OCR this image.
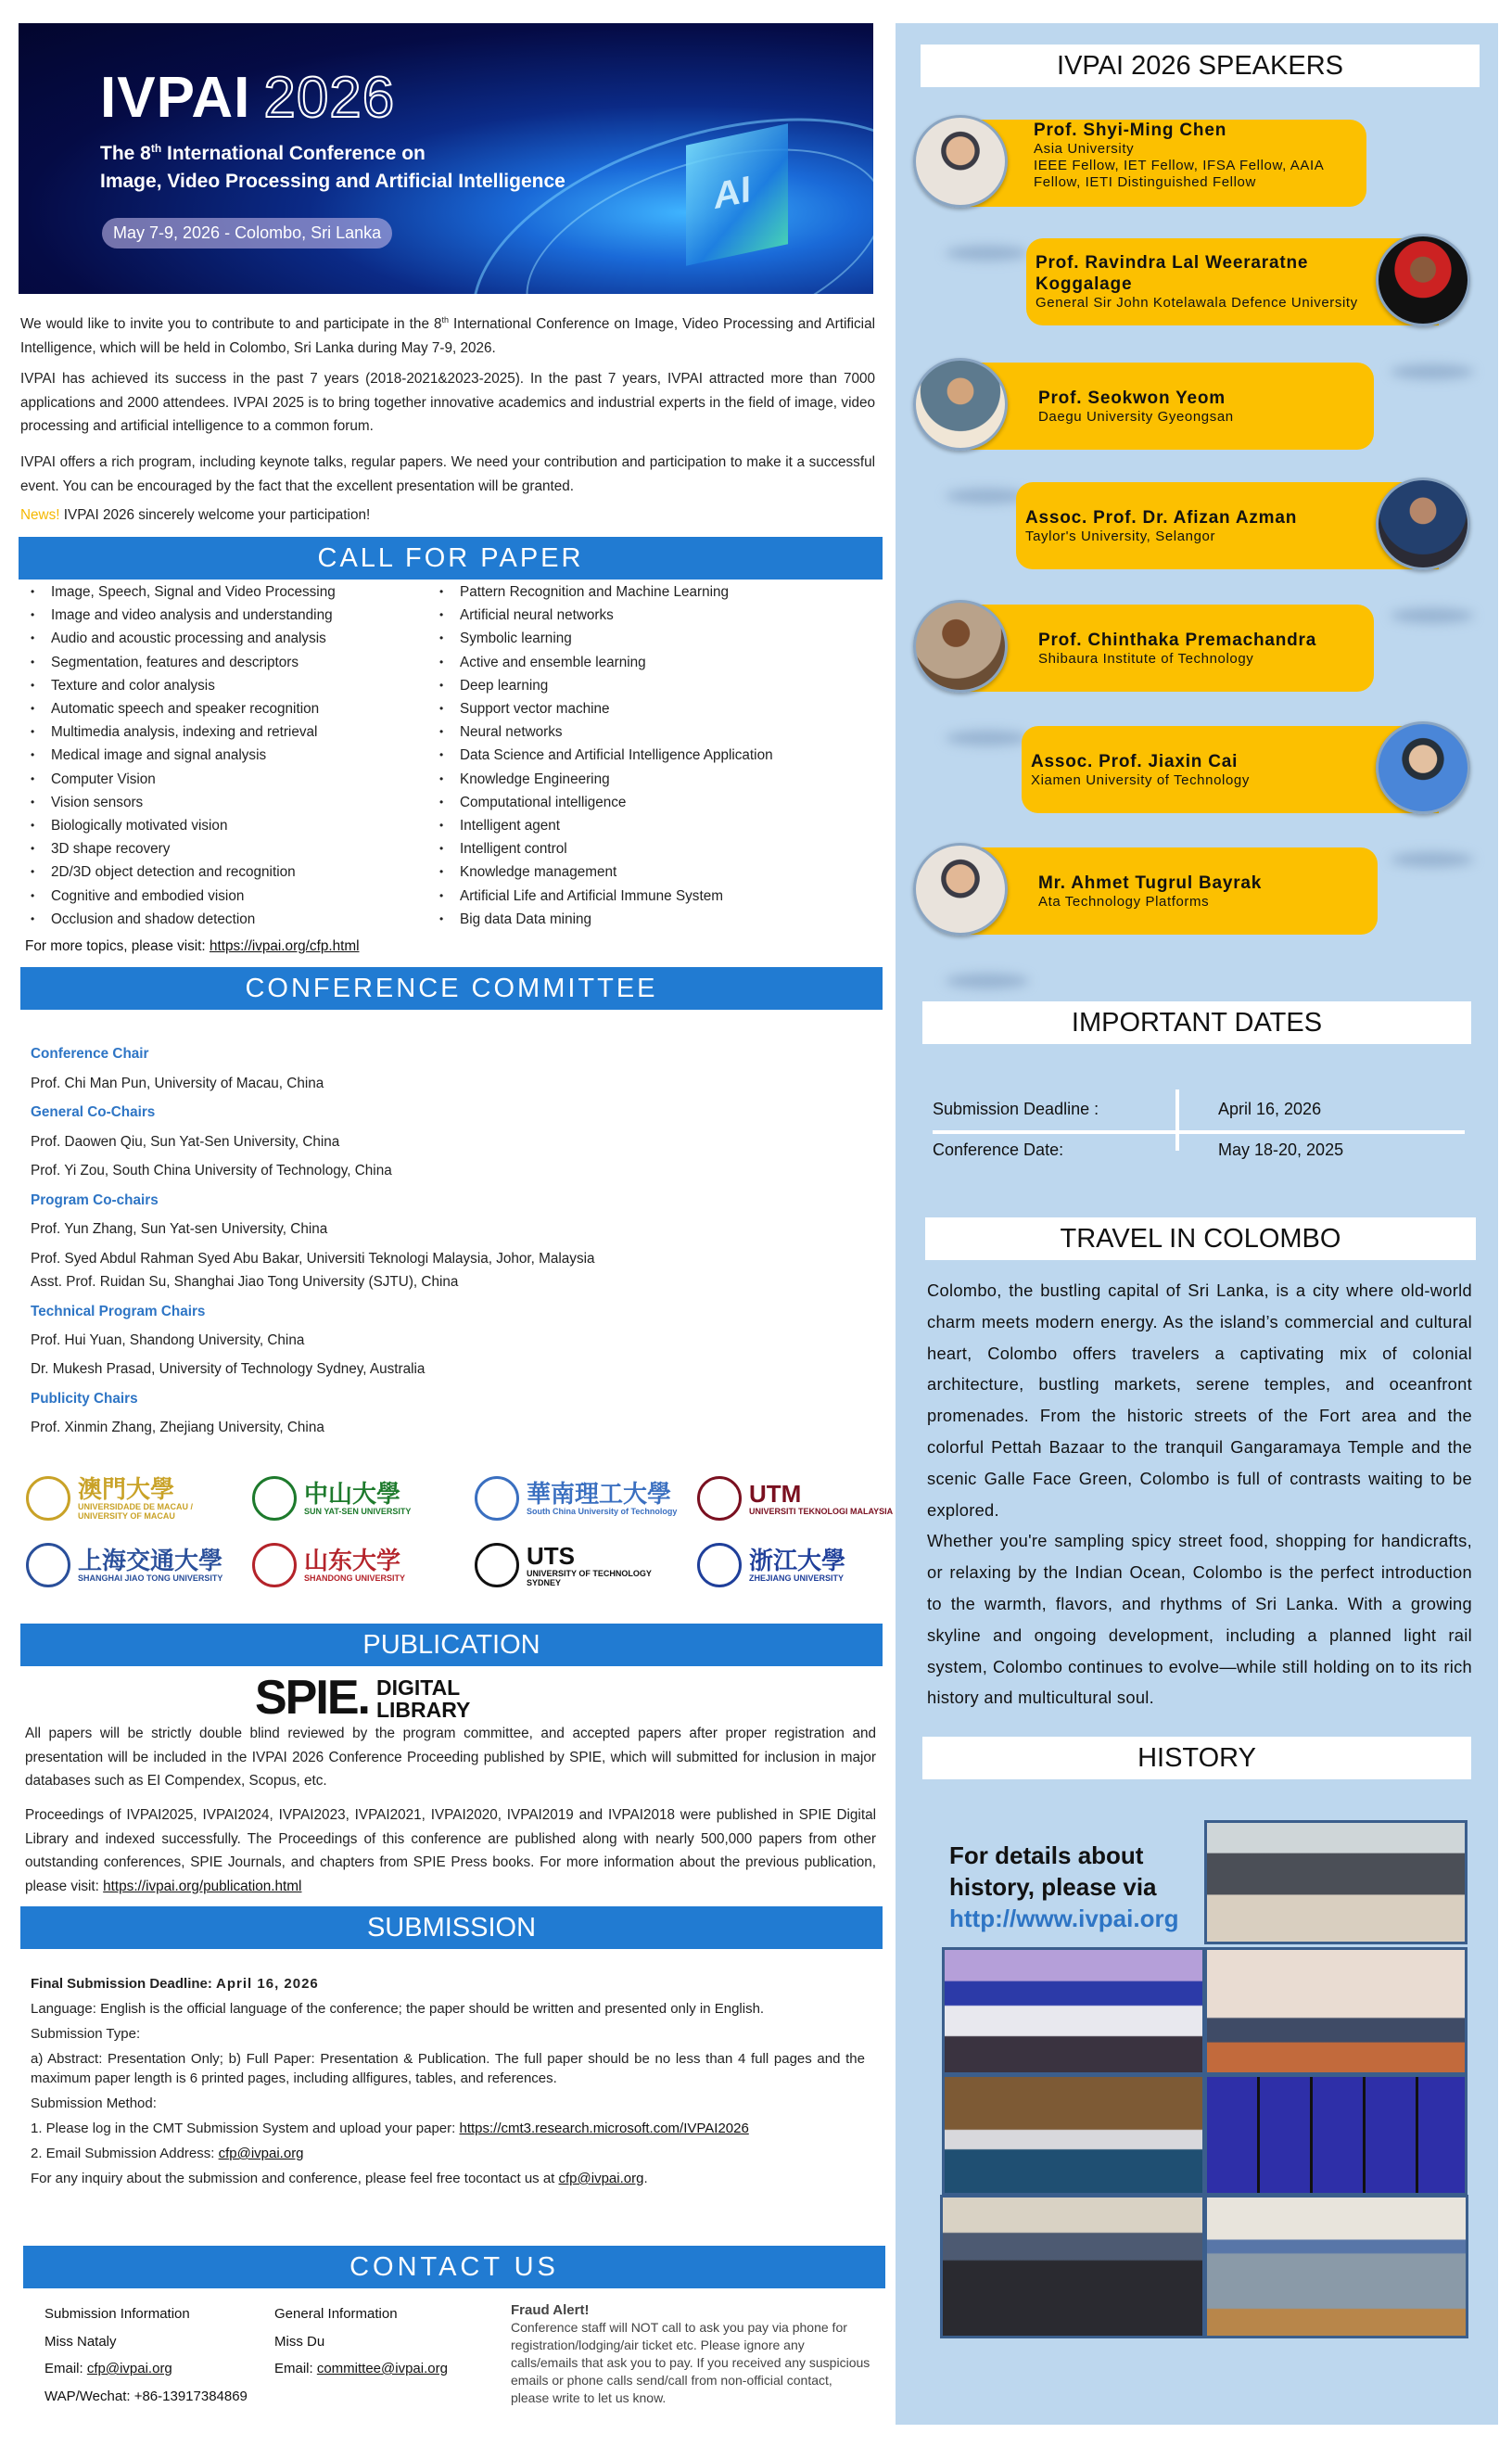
AI
IVPAI 2026
The 8th International Conference on
Image, Video Processing and Artificial Intelligence
May 7-9, 2026 - Colombo, Sri Lanka

We would like to invite you to contribute to and participate in the 8th International Conference on Image, Video Processing and Artificial Intelligence, which will be held in Colombo, Sri Lanka during May 7-9, 2026.

IVPAI has achieved its success in the past 7 years (2018-2021&2023-2025). In the past 7 years, IVPAI attracted more than 7000 applications and 2000 attendees. IVPAI 2025 is to bring together innovative academics and industrial experts in the field of image, video processing and artificial intelligence to a common forum.

IVPAI offers a rich program, including keynote talks, regular papers. We need your contribution and participation to make it a successful event. You can be encouraged by the fact that the excellent presentation will be granted.

News! IVPAI 2026 sincerely welcome your participation!

CALL FOR PAPER
• Image, Speech, Signal and Video Processing
• Image and video analysis and understanding
• Audio and acoustic processing and analysis
• Segmentation, features and descriptors
• Texture and color analysis
• Automatic speech and speaker recognition
• Multimedia analysis, indexing and retrieval
• Medical image and signal analysis
• Computer Vision
• Vision sensors
• Biologically motivated vision
• 3D shape recovery
• 2D/3D object detection and recognition
• Cognitive and embodied vision
• Occlusion and shadow detection
• Pattern Recognition and Machine Learning
• Artificial neural networks
• Symbolic learning
• Active and ensemble learning
• Deep learning
• Support vector machine
• Neural networks
• Data Science and Artificial Intelligence Application
• Knowledge Engineering
• Computational intelligence
• Intelligent agent
• Intelligent control
• Knowledge management
• Artificial Life and Artificial Immune System
• Big data Data mining
For more topics, please visit: https://ivpai.org/cfp.html
CONFERENCE COMMITTEE
Conference Chair
Prof. Chi Man Pun, University of Macau, China
General Co-Chairs
Prof. Daowen Qiu, Sun Yat-Sen University, China
Prof. Yi Zou, South China University of Technology, China
Program Co-chairs
Prof. Yun Zhang, Sun Yat-sen University, China
Prof. Syed Abdul Rahman Syed Abu Bakar, Universiti Teknologi Malaysia, Johor, Malaysia
Asst. Prof. Ruidan Su, Shanghai Jiao Tong University (SJTU), China
Technical Program Chairs
Prof. Hui Yuan, Shandong University, China
Dr. Mukesh Prasad, University of Technology Sydney, Australia
Publicity Chairs
Prof. Xinmin Zhang, Zhejiang University, China
澳門大學
UNIVERSIDADE DE MACAU / UNIVERSITY OF MACAU
中山大學
SUN YAT-SEN UNIVERSITY
華南理工大學
South China University of Technology
UTM
UNIVERSITI TEKNOLOGI MALAYSIA
上海交通大學
SHANGHAI JIAO TONG UNIVERSITY
山东大学
SHANDONG UNIVERSITY
UTS
UNIVERSITY OF TECHNOLOGY SYDNEY
浙江大學
ZHEJIANG UNIVERSITY
PUBLICATION
SPIE. DIGITAL
LIBRARY

All papers will be strictly double blind reviewed by the program committee, and accepted papers after proper registration and presentation will be included in the IVPAI 2026 Conference Proceeding published by SPIE, which will submitted for inclusion in major databases such as EI Compendex, Scopus, etc.

Proceedings of IVPAI2025, IVPAI2024, IVPAI2023, IVPAI2021, IVPAI2020, IVPAI2019 and IVPAI2018 were published in SPIE Digital Library and indexed successfully. The Proceedings of this conference are published along with nearly 500,000 papers from other outstanding conferences, SPIE Journals, and chapters from SPIE Press books. For more information about the previous publication, please visit: https://ivpai.org/publication.html

SUBMISSION
Final Submission Deadline: April 16, 2026
Language: English is the official language of the conference; the paper should be written and presented only in English.
Submission Type:
a) Abstract: Presentation Only; b) Full Paper: Presentation & Publication. The full paper should be no less than 4 full pages and the maximum paper length is 6 printed pages, including allfigures, tables, and references.
Submission Method:
1. Please log in the CMT Submission System and upload your paper: https://cmt3.research.microsoft.com/IVPAI2026
2. Email Submission Address: cfp@ivpai.org
For any inquiry about the submission and conference, please feel free tocontact us at cfp@ivpai.org.
CONTACT US
Submission Information
Miss Nataly
Email: cfp@ivpai.org
WAP/Wechat: +86-13917384869
General Information
Miss Du
Email: committee@ivpai.org
Fraud Alert!
Conference staff will NOT call to ask you pay via phone for registration/lodging/air ticket etc. Please ignore any calls/emails that ask you to pay. If you received any suspicious emails or phone calls send/call from non-official contact, please write to let us know.
IVPAI 2026 SPEAKERS
Prof. Shyi-Ming Chen
Asia University
IEEE Fellow, IET Fellow, IFSA Fellow, AAIA Fellow, IETI Distinguished Fellow
Prof. Ravindra Lal Weeraratne Koggalage
General Sir John Kotelawala Defence University
Prof. Seokwon Yeom
Daegu University Gyeongsan
Assoc. Prof. Dr. Afizan Azman
Taylor's University, Selangor
Prof. Chinthaka Premachandra
Shibaura Institute of Technology
Assoc. Prof. Jiaxin Cai
Xiamen University of Technology
Mr. Ahmet Tugrul Bayrak
Ata Technology Platforms
IMPORTANT DATES
Submission Deadline :	April 16, 2026
Conference Date:	May 18-20, 2025
TRAVEL IN COLOMBO

Colombo, the bustling capital of Sri Lanka, is a city where old-world charm meets modern energy. As the island’s commercial and cultural heart, Colombo offers travelers a captivating mix of colonial architecture, bustling markets, serene temples, and oceanfront promenades. From the historic streets of the Fort area and the colorful Pettah Bazaar to the tranquil Gangaramaya Temple and the scenic Galle Face Green, Colombo is full of contrasts waiting to be explored.

Whether you're sampling spicy street food, shopping for handicrafts, or relaxing by the Indian Ocean, Colombo is the perfect introduction to the warmth, flavors, and rhythms of Sri Lanka. With a growing skyline and ongoing development, including a planned light rail system, Colombo continues to evolve—while still holding on to its rich history and multicultural soul.

HISTORY
For details about
history, please via
http://www.ivpai.org
